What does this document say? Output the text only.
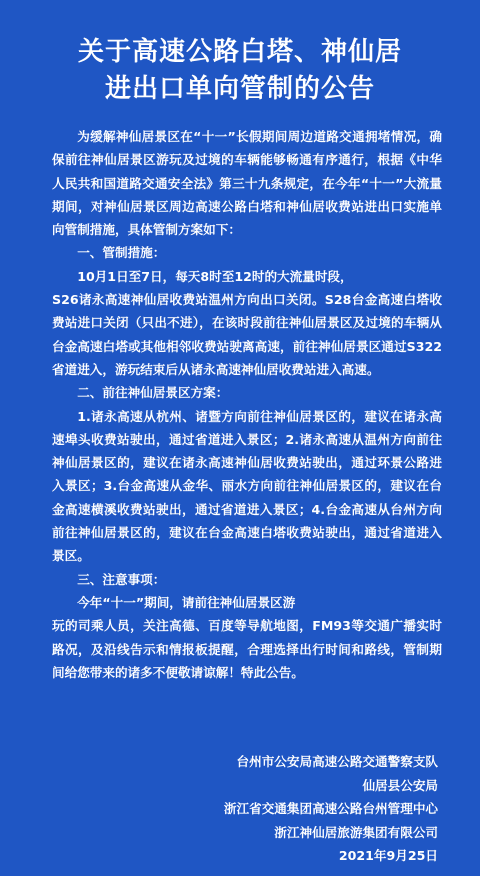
关于高速公路白塔、神仙居
进出口单向管制的公告

为缓解神仙居景区在“十一”长假期间周边道路交通拥堵情况，确保前往神仙居景区游玩及过境的车辆能够畅通有序通行，根据《中华人民共和国道路交通安全法》第三十九条规定，在今年“十一”大流量期间，对神仙居景区周边高速公路白塔和神仙居收费站进出口实施单向管制措施，具体管制方案如下：

一、管制措施：

10月1日至7日，每天8时至12时的大流量时段，

S26诸永高速神仙居收费站温州方向出口关闭。S28台金高速白塔收费站进口关闭（只出不进），在该时段前往神仙居景区及过境的车辆从台金高速白塔或其他相邻收费站驶离高速，前往神仙居景区通过S322省道进入，游玩结束后从诸永高速神仙居收费站进入高速。

二、前往神仙居景区方案：

1.诸永高速从杭州、诸暨方向前往神仙居景区的，建议在诸永高速埠头收费站驶出，通过省道进入景区；2.诸永高速从温州方向前往神仙居景区的，建议在诸永高速神仙居收费站驶出，通过环景公路进入景区；3.台金高速从金华、丽水方向前往神仙居景区的，建议在台金高速横溪收费站驶出，通过省道进入景区；4.台金高速从台州方向前往神仙居景区的，建议在台金高速白塔收费站驶出，通过省道进入景区。

三、注意事项：

今年“十一”期间，请前往神仙居景区游

玩的司乘人员，关注高德、百度等导航地图，FM93等交通广播实时路况，及沿线告示和情报板提醒，合理选择出行时间和路线，管制期间给您带来的诸多不便敬请谅解！特此公告。

台州市公安局高速公路交通警察支队
仙居县公安局
浙江省交通集团高速公路台州管理中心
浙江神仙居旅游集团有限公司
2021年9月25日
